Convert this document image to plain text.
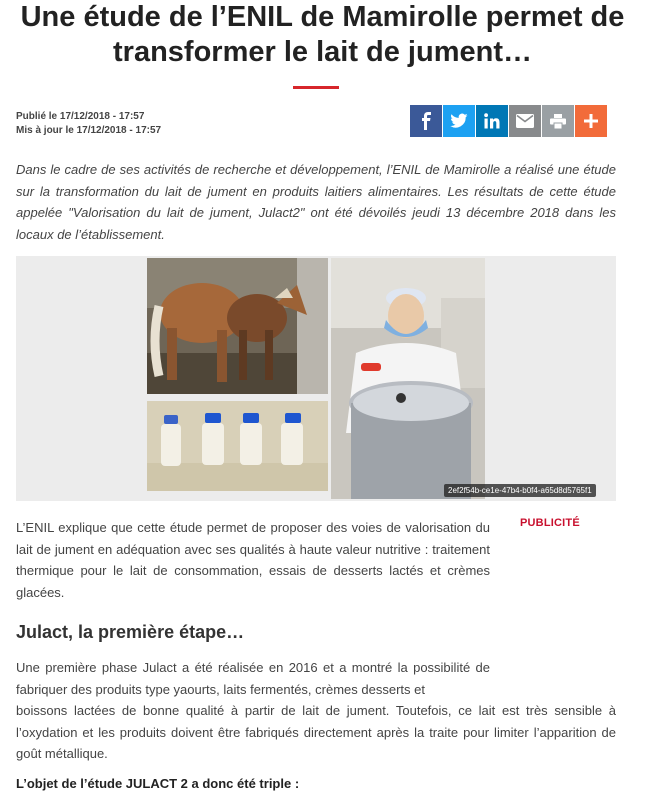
Une étude de l’ENIL de Mamirolle permet de transformer le lait de jument…
Publié le 17/12/2018 - 17:57
Mis à jour le 17/12/2018 - 17:57

Dans le cadre de ses activités de recherche et développement, l’ENIL de Mamirolle a réalisé une étude sur la transformation du lait de jument en produits laitiers alimentaires. Les résultats de cette étude appelée "Valorisation du lait de jument, Julact2" ont été dévoilés jeudi 13 décembre 2018 dans les locaux de l’établissement.

2ef2f54b-ce1e-47b4-b0f4-a65d8d5765f1

L’ENIL explique que cette étude permet de proposer des voies de valorisation du lait de jument en adéquation avec ses qualités à haute valeur nutritive : traitement thermique pour le lait de consommation, essais de desserts lactés et crèmes glacées.

PUBLICITÉ
Julact, la première étape…
Une première phase Julact a été réalisée en 2016 et a montré la possibilité de fabriquer des produits type yaourts, laits fermentés, crèmes desserts et
boissons lactées de bonne qualité à partir de lait de jument. Toutefois, ce lait est très sensible à l’oxydation et les produits doivent être fabriqués directement après la traite pour limiter l’apparition de goût métallique.
L’objet de l’étude JULACT 2 a donc été triple :
